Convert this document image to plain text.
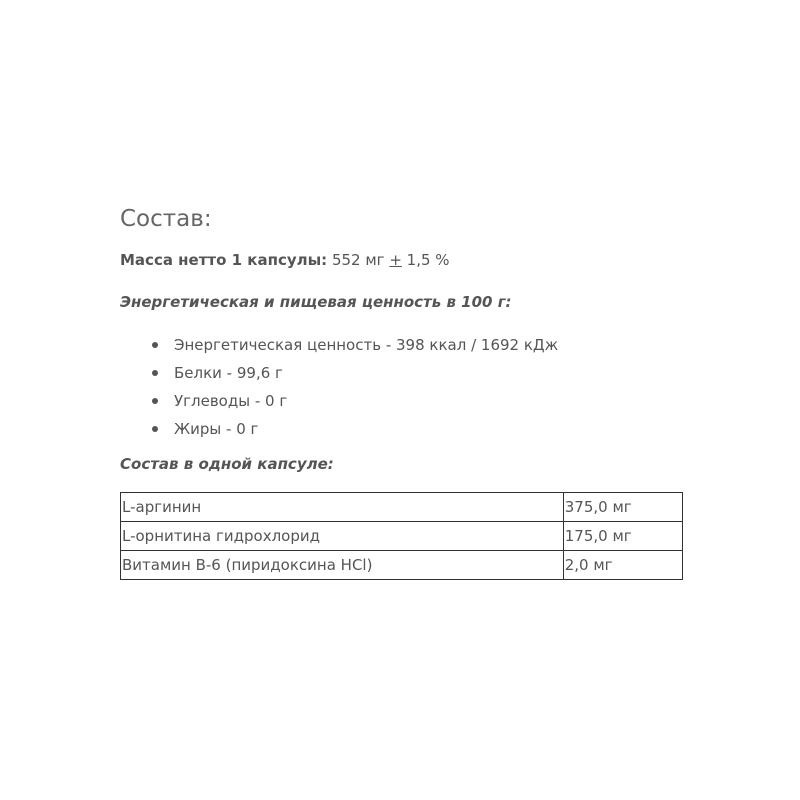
Состав:

Масса нетто 1 капсулы: 552 мг + 1,5 %

Энергетическая и пищевая ценность в 100 г:

Энергетическая ценность - 398 ккал / 1692 кДж
Белки - 99,6 г
Углеводы - 0 г
Жиры - 0 г

Состав в одной капсуле:

L-аргинин	375,0 мг
L-орнитина гидрохлорид	175,0 мг
Витамин B-6 (пиридоксина HCl)	2,0 мг
